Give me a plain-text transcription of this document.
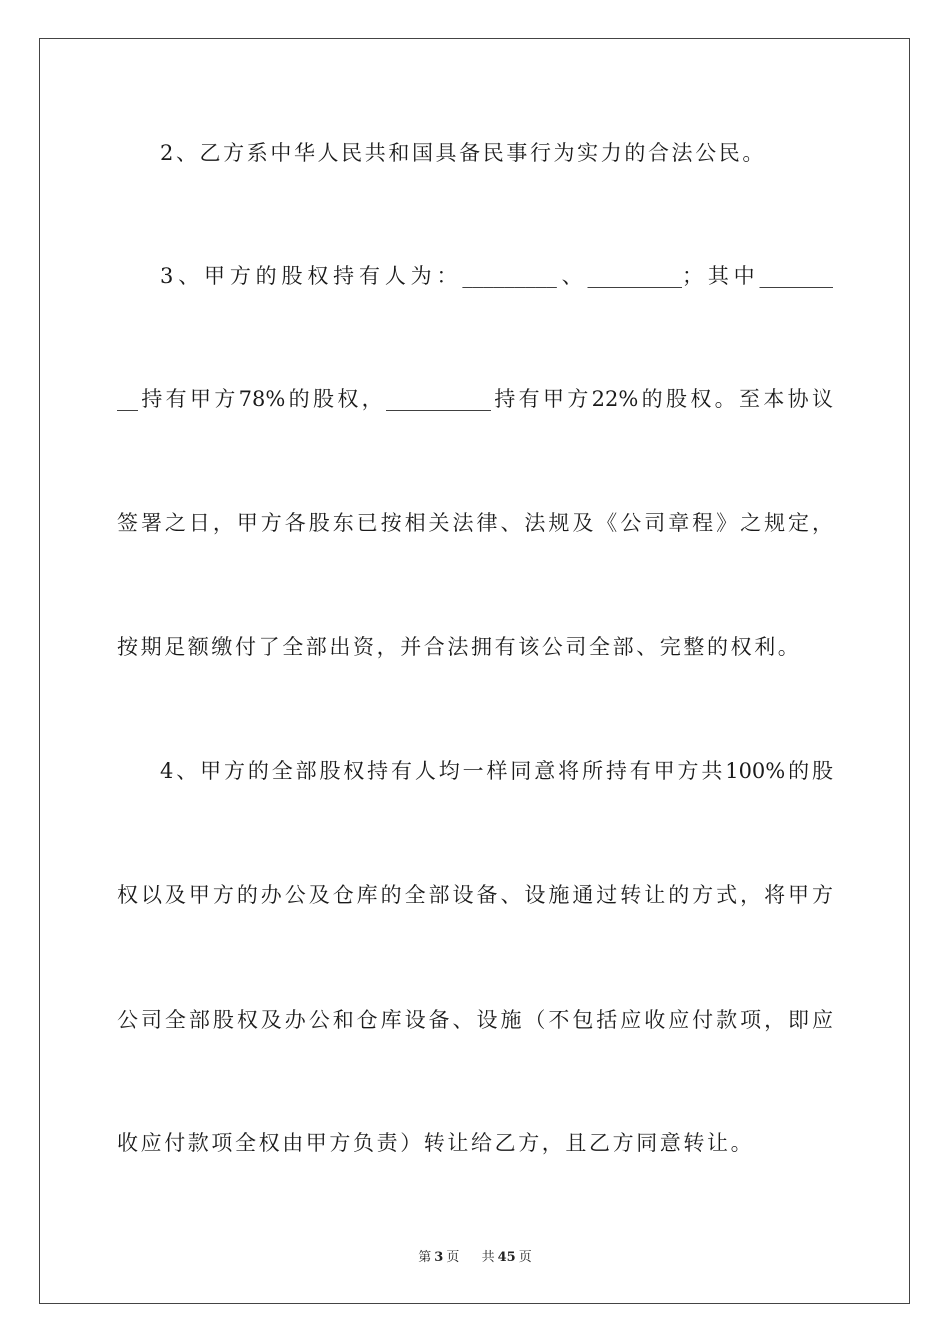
2、乙方系中华人民共和国具备民事行为实力的合法公民。
3、甲方的股权持有人为：_________、_________；其中_______
__持有甲方78%的股权，__________持有甲方22%的股权。至本协议
签署之日，甲方各股东已按相关法律、法规及《公司章程》之规定，
按期足额缴付了全部出资，并合法拥有该公司全部、完整的权利。
4、甲方的全部股权持有人均一样同意将所持有甲方共100%的股
权以及甲方的办公及仓库的全部设备、设施通过转让的方式，将甲方
公司全部股权及办公和仓库设备、设施（不包括应收应付款项，即应
收应付款项全权由甲方负责）转让给乙方，且乙方同意转让。
第 3 页 共 45 页
